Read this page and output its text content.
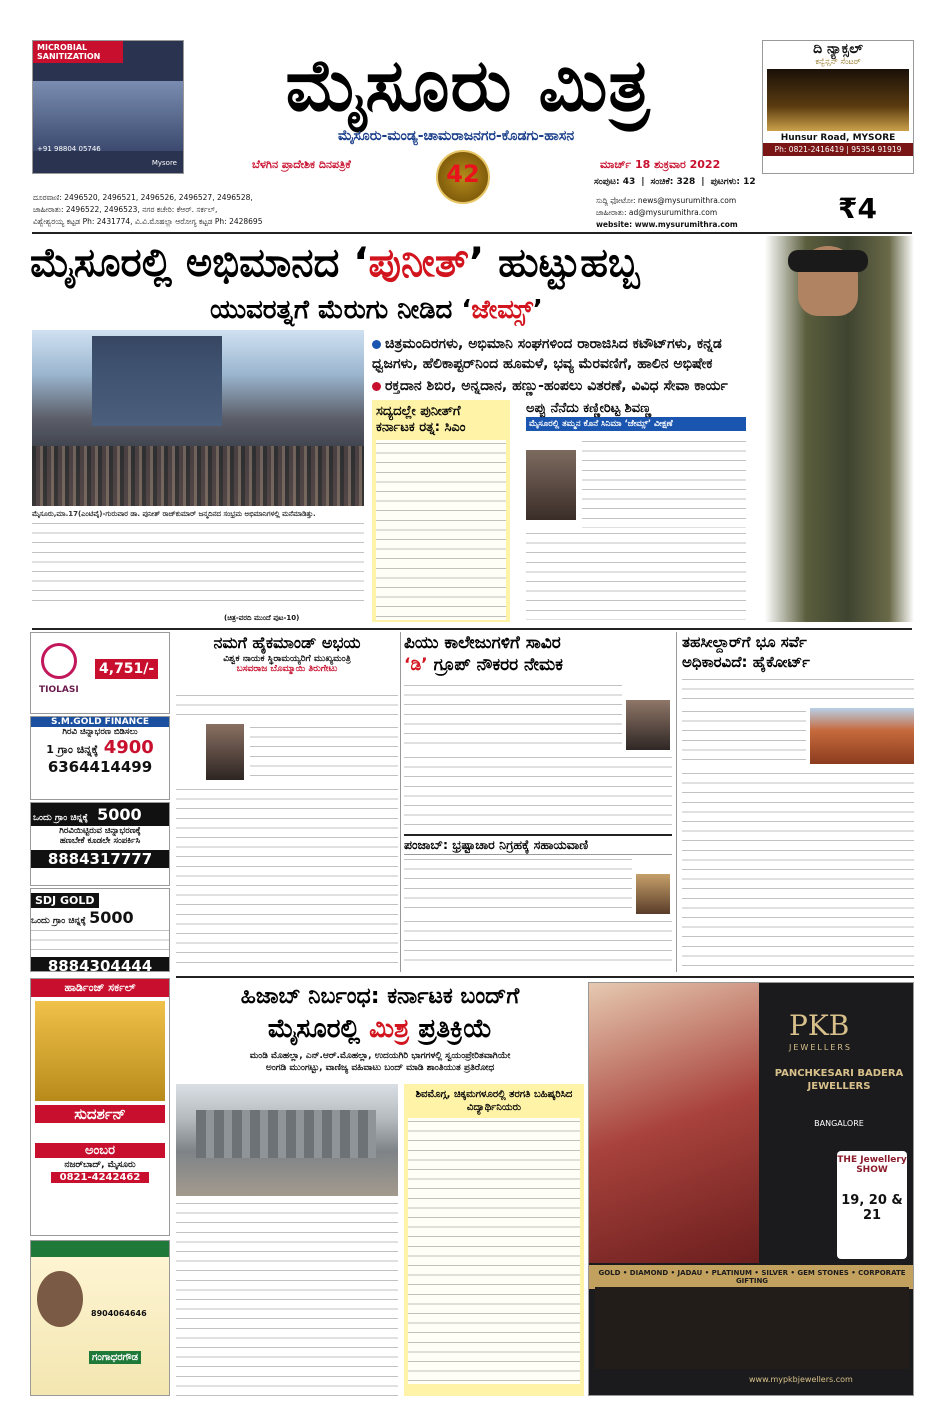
MICROBIAL SANITIZATION
+91 98804 05746
Mysore
ಮೈಸೂರು ಮಿತ್ರ
ಮೈಸೂರು-ಮಂಡ್ಯ-ಚಾಮರಾಜನಗರ-ಕೊಡಗು-ಹಾಸನ
ಬೆಳಗಿನ ಪ್ರಾದೇಶಿಕ ದಿನಪತ್ರಿಕೆ	42	ಮಾರ್ಚ್ 18 ಶುಕ್ರವಾರ 2022
ಸಂಪುಟ: 43 | ಸಂಚಿಕೆ: 328 | ಪುಟಗಳು: 12
ದೂರವಾಣಿ: 2496520, 2496521, 2496526, 2496527, 2496528,
ಜಾಹೀರಾತು: 2496522, 2496523, ನಗರ ಕಚೇರಿ: ಕೆಆರ್. ಸರ್ಕಲ್,
ವಿಶ್ವೇಶ್ವರಯ್ಯ ಕಟ್ಟಡ Ph: 2431774, ವಿ.ವಿ.ಮೊಹಲ್ಲಾ ಆರೋಗ್ಯ ಕಟ್ಟಡ Ph: 2428695
ಸುದ್ದಿ ಫೋಟೋ: news@mysurumithra.com
ಜಾಹೀರಾತು: ad@mysurumithra.com
website: www.mysurumithra.com	₹4
ದಿ ನ್ಯಾಕ್ಸಲ್
ಕನ್ವೆನ್ಷನ್ ಸೆಂಟರ್
Hunsur Road, MYSORE
Ph: 0821-2416419 | 95354 91919
ಮೈಸೂರಲ್ಲಿ ಅಭಿಮಾನದ ‘ಪುನೀತ್’ ಹುಟ್ಟುಹಬ್ಬ
ಯುವರತ್ನಗೆ ಮೆರುಗು ನೀಡಿದ ‘ಜೇಮ್ಸ್’
ಚಿತ್ರಮಂದಿರಗಳು, ಅಭಿಮಾನಿ ಸಂಘಗಳಿಂದ ರಾರಾಜಿಸಿದ ಕಟೌಟ್‌ಗಳು, ಕನ್ನಡ ಧ್ವಜಗಳು, ಹೆಲಿಕಾಪ್ಟರ್‌ನಿಂದ ಹೂಮಳೆ, ಭವ್ಯ ಮೆರವಣಿಗೆ, ಹಾಲಿನ ಅಭಿಷೇಕ
ರಕ್ತದಾನ ಶಿಬಿರ, ಅನ್ನದಾನ, ಹಣ್ಣು-ಹಂಪಲು ವಿತರಣೆ, ವಿವಿಧ ಸೇವಾ ಕಾರ್ಯ
ಮೈಸೂರು,ಮಾ.17(ಎಂಟಿವೈ)-ಗುರುವಾರ ಡಾ. ಪುನೀತ್ ರಾಜ್‌ಕುಮಾರ್ ಜನ್ಮದಿನದ ಸಂಭ್ರಮ ಅಭಿಮಾನಿಗಳಲ್ಲಿ ಮನೆಮಾಡಿತ್ತು.
(ಚಿತ್ರ-ವರದಿ ಮುಂದೆ ಪುಟ-10)
ಸದ್ಯದಲ್ಲೇ ಪುನೀತ್‌ಗೆ
ಕರ್ನಾಟಕ ರತ್ನ: ಸಿಎಂ
ಅಪ್ಪು ನೆನೆದು ಕಣ್ಣೀರಿಟ್ಟ ಶಿವಣ್ಣ
ಮೈಸೂರಲ್ಲಿ ತಮ್ಮನ ಕೊನೆ ಸಿನಿಮಾ ‘ಜೇಮ್ಸ್’ ವೀಕ್ಷಣೆ
TIOLASI
4,751/-
S.M.GOLD FINANCE
ಗಿರವಿ ಚಿನ್ನಾಭರಣ ಬಿಡಿಸಲು
1 ಗ್ರಾಂ ಚಿನ್ನಕ್ಕೆ 4900
6364414499
ಒಂದು ಗ್ರಾಂ ಚಿನ್ನಕ್ಕೆ 5000
ಗಿರವಿಯಿಟ್ಟಿರುವ ಚಿನ್ನಾಭರಣಕ್ಕೆ
ಹಣಬೇಕೆ ಕೂಡಲೇ ಸಂಪರ್ಕಿಸಿ
8884317777
SDJ GOLD
ಒಂದು ಗ್ರಾಂ ಚಿನ್ನಕ್ಕೆ 5000
8884304444
ಹಾರ್ಡಿಂಜ್ ಸರ್ಕಲ್
ಸುದರ್ಶನ್
ಅಂಬರ
ನಜರ್‌ಬಾದ್, ಮೈಸೂರು
0821-4242462
8904064646
ಗಂಗಾಧರಗೌಡ
ನಮಗೆ ಹೈಕಮಾಂಡ್ ಅಭಯ
ವಿಶ್ವಕ ನಾಯಕ ಸ್ಥಿರಾಮಯ್ಯರಿಗೆ ಮುಖ್ಯಮಂತ್ರಿ
ಬಸವರಾಜ ಬೊಮ್ಮಾಯಿ ತಿರುಗೇಟು
ಪಿಯು ಕಾಲೇಜುಗಳಿಗೆ ಸಾವಿರ
‘ಡಿ’ ಗ್ರೂಪ್ ನೌಕರರ ನೇಮಕ
ಪಂಜಾಬ್: ಭ್ರಷ್ಟಾಚಾರ ನಿಗ್ರಹಕ್ಕೆ ಸಹಾಯವಾಣಿ
ತಹಸೀಲ್ದಾರ್‌ಗೆ ಭೂ ಸರ್ವೆ
ಅಧಿಕಾರವಿದೆ: ಹೈಕೋರ್ಟ್
ಹಿಜಾಬ್ ನಿರ್ಬಂಧ: ಕರ್ನಾಟಕ ಬಂದ್‌ಗೆ
ಮೈಸೂರಲ್ಲಿ ಮಿಶ್ರ ಪ್ರತಿಕ್ರಿಯೆ
ಮಂಡಿ ಮೊಹಲ್ಲಾ, ಎನ್.ಆರ್.ಮೊಹಲ್ಲಾ, ಉದಯಗಿರಿ ಭಾಗಗಳಲ್ಲಿ ಸ್ವಯಂಪ್ರೇರಿತವಾಗಿಯೇ
ಅಂಗಡಿ ಮುಂಗಟ್ಟು, ವಾಣಿಜ್ಯ ವಹಿವಾಟು ಬಂದ್ ಮಾಡಿ ಶಾಂತಿಯುತ ಪ್ರತಿರೋಧ
ಶಿವಮೊಗ್ಗ, ಚಿಕ್ಕಮಗಳೂರಲ್ಲಿ ತರಗತಿ ಬಹಿಷ್ಕರಿಸಿದ ವಿದ್ಯಾರ್ಥಿನಿಯರು
PKB
JEWELLERS
PANCHKESARI BADERA JEWELLERS
BANGALORE
THE Jewellery SHOW
19, 20 & 21
GOLD • DIAMOND • JADAU • PLATINUM • SILVER • GEM STONES • CORPORATE GIFTING
www.mypkbjewellers.com
